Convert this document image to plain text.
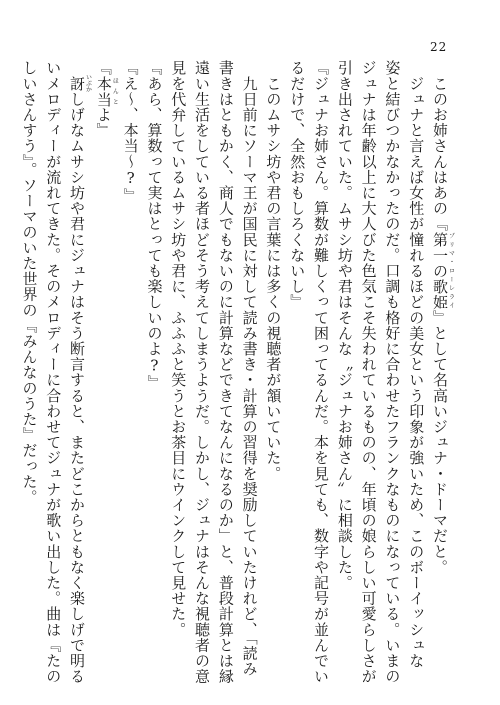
22
　このお姉さんはあの『第一の歌姫プリマ・ローレライ』として名高いジュナ・ドーマだと。
　ジュナと言えば女性が憧れるほどの美女という印象が強いため、このボーイッシュな
姿と結びつかなかったのだ。口調も格好に合わせたフランクなものになっている。いまの
ジュナは年齢以上に大人びた色気こそ失われているものの、年頃の娘らしい可愛らしさが
引き出されていた。ムサシ坊や君はそんな〝ジュナお姉さん〟に相談した。
『ジュナお姉さん。算数が難しくって困ってるんだ。本を見ても、数字や記号が並んでい
るだけで、全然おもしろくないし』
　このムサシ坊や君の言葉には多くの視聴者が頷いていた。
　九日前にソーマ王が国民に対して読み書き・計算の習得を奨励していたけれど、「読み
書きはともかく、商人でもないのに計算などできてなんになるのか」と、普段計算とは縁
遠い生活をしている者ほどそう考えてしまうようだ。しかし、ジュナはそんな視聴者の意
見を代弁しているムサシ坊や君に、ふふふと笑うとお茶目にウインクして見せた。
『あら、算数って実はとっても楽しいのよ?』
『え〜、本当〜?』
『本当ほんとよ』
　訝いぶかしげなムサシ坊や君にジュナはそう断言すると、またどこからともなく楽しげで明る
いメロディーが流れてきた。そのメロディーに合わせてジュナが歌い出した。曲は『たの
しいさんすう』。ソーマのいた世界の『みんなのうた』だった。
